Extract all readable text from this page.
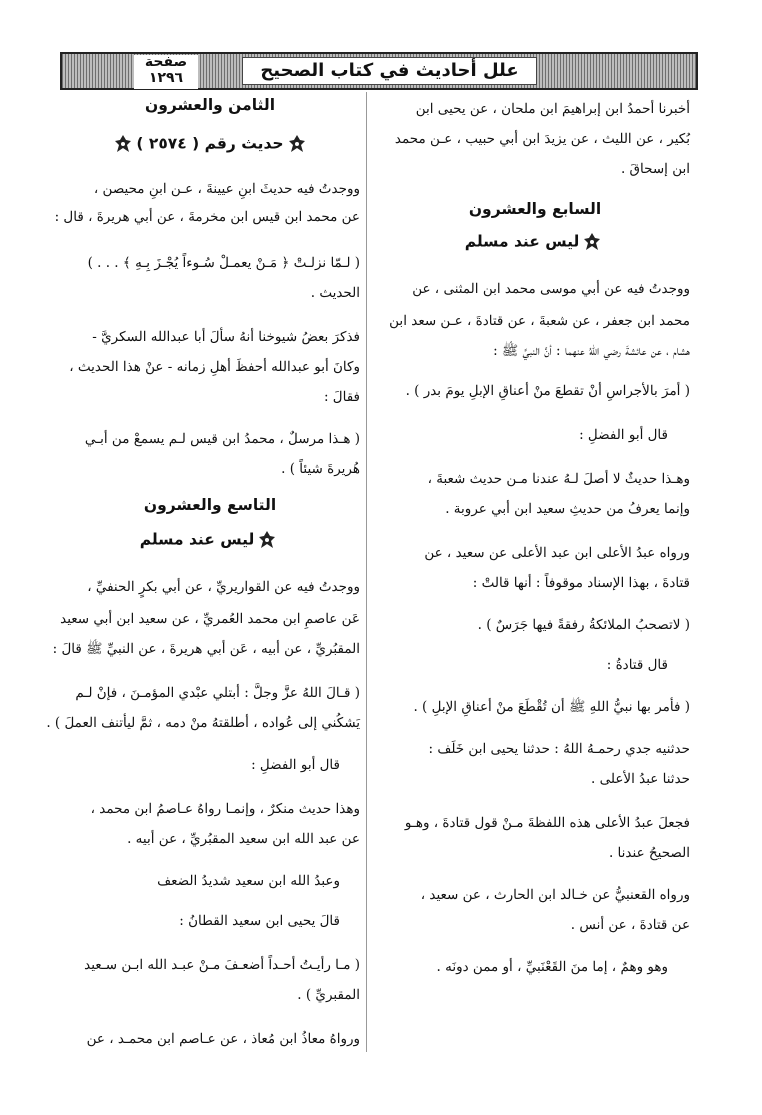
علل أحاديث في كتاب الصحيح
صفحة
١٢٩٦
أخبرنا أحمدُ ابن إبراهيمَ ابن ملحان ، عن يحيى ابن
بُكير ، عن الليث ، عن يزيدَ ابن أبي حبيب ، عـن محمد
ابن إسحاقَ .
السابع والعشرون
ليس عند مسلم
ووجدتُ فيه عن أبي موسى محمد ابن المثنى ، عن
محمد ابن جعفر ، عن شعبةَ ، عن قتادةَ ، عـن سعد ابن
هشام ، عن عائشةَ رضي اللهُ عنهما : أنَّ النبيَّ ﷺ :
( أمرَ بالأجراسِ أنْ تقطعَ منْ أعناقِ الإبلِ يومَ بدر ) .
قال أبو الفضلِ :
وهـذا حديثٌ لا أصلَ لـهُ عندنا مـن حديث شعبةَ ،
وإنما يعرفُ من حديثِ سعيد ابن أبي عروبة .
ورواه عبدُ الأعلى ابن عبد الأعلى عن سعيد ، عن
قتادةَ ، بهذا الإسناد موقوفاً : أنها قالتْ :
( لاتصحبُ الملائكةُ رفقةً فيها جَرَسٌ ) .
قال قتادةُ :
( فأمر بها نبيُّ اللهِ ﷺ أن تُقْطَعَ منْ أعناقِ الإبلِ ) .
حدثنيه جدي رحمـهُ اللهُ : حدثنا يحيى ابن خَلَف :
حدثنا عبدُ الأعلى .
فجعلَ عبدُ الأعلى هذه اللفظةَ مـنْ قول قتادةَ ، وهـو
الصحيحُ عندنا .
ورواه القعنبيُّ عن خـالد ابن الحارث ، عن سعيد ،
عن قتادةَ ، عن أنس .
وهو وهمٌ ، إما منَ القَعْنَبيِّ ، أو ممن دونَه .
الثامن والعشرون
حديث رقم ( ٢٥٧٤ )
ووجدتُ فيه حديثَ ابنِ عيينةَ ، عـن ابنِ محيصن ،
عن محمد ابن قيس ابن مخرمةَ ، عن أبي هريرةَ ، قال :
( لـمّا نزلـتْ ﴿ مَـنْ يعمـلْ سُـوءاً يُجْـزَ بِـهِ ﴾ . . . )
الحديث .
فذكرَ بعضُ شيوخنا أنهُ سألَ أبا عبدالله السكريَّ -
وكانَ أبو عبدالله أحفظَ أهلِ زمانه - عنْ هذا الحديث ،
فقالَ :
( هـذا مرسلٌ ، محمدُ ابن قيس لـم يسمعْ من أبـي
هُريرةَ شيئاً ) .
التاسع والعشرون
ليس عند مسلم
ووجدتُ فيه عن القواريريِّ ، عن أبي بكرٍ الحنفيِّ ،
عَن عاصمِ ابن محمد العُمريِّ ، عن سعيد ابن أبي سعيد
المقبُريِّ ، عن أبيه ، عَن أبي هريرةَ ، عن النبيِّ ﷺ قالَ :
( قـالَ اللهُ عزَّ وجلَّ : أبتلي عبْدي المؤمـنَ ، فإنْ لـم
يَشكُني إلى عُواده ، أطلقتهُ منْ دمه ، ثمَّ ليأتنف العملَ ) .
قال أبو الفضلِ :
وهذا حديث منكرٌ ، وإنمـا رواهُ عـاصمُ ابن محمد ،
عن عبد الله ابن سعيد المقبُريِّ ، عن أبيه .
وعبدُ الله ابن سعيد شديدُ الضعف
قالَ يحيى ابن سعيد القطانُ :
( مـا رأيـتُ أحـداً أضعـفَ مـنْ عبـد الله ابـن سـعيد
المقبريِّ ) .
ورواهُ معاذُ ابن مُعاذ ، عن عـاصم ابن محمـد ، عن
